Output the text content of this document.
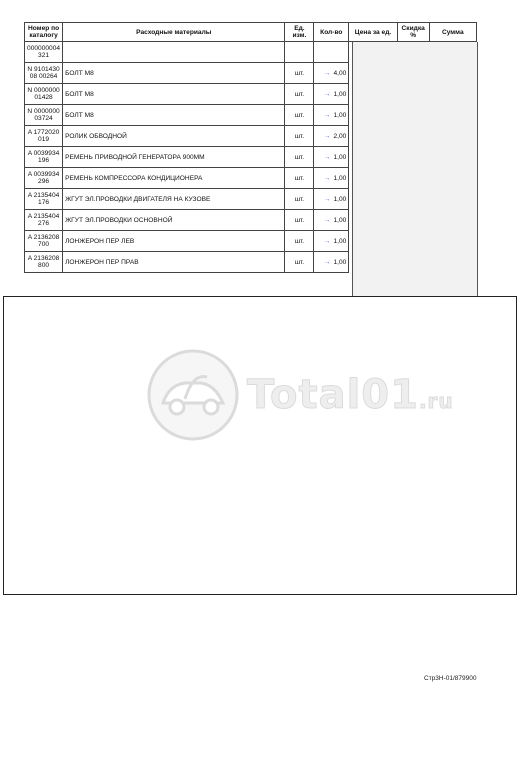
Номер по каталогу	Расходные материалы	Ед. изм.	Кол-во	Цена за ед.	Скидка %	Сумма
000000004321						
N 910143008 00264	БОЛТ М8	шт.	→ 4,00			
N 000000001428	БОЛТ М8	шт.	→ 1,00			
N 000000003724	БОЛТ М8	шт.	→ 1,00			
A 1772020019	РОЛИК ОБВОДНОЙ	шт.	→ 2,00			
A 0039934196	РЕМЕНЬ ПРИВОДНОЙ ГЕНЕРАТОРА 900ММ	шт.	→ 1,00			
A 0039934296	РЕМЕНЬ КОМПРЕССОРА КОНДИЦИОНЕРА	шт.	→ 1,00			
A 2135404176	ЖГУТ ЭЛ.ПРОВОДКИ ДВИГАТЕЛЯ НА КУЗОВЕ	шт.	→ 1,00			
A 2135404276	ЖГУТ ЭЛ.ПРОВОДКИ ОСНОВНОЙ	шт.	→ 1,00			
A 2136208700	ЛОНЖЕРОН ПЕР ЛЕВ	шт.	→ 1,00			
A 2136208800	ЛОНЖЕРОН ПЕР ПРАВ	шт.	→ 1,00			
Total01.ru
Стр3Н-01/879900
